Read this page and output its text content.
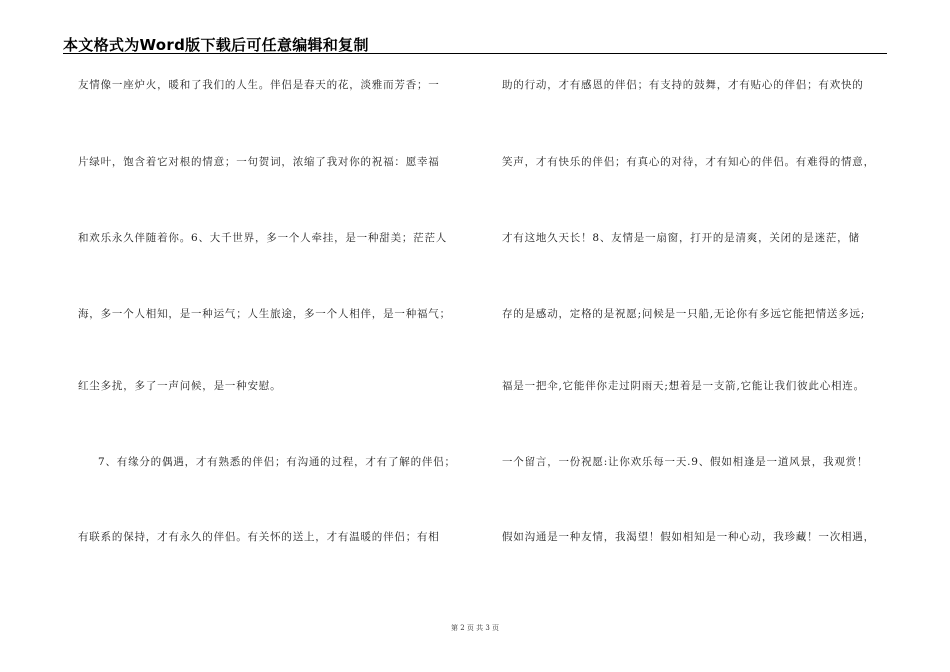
本文格式为Word版下载后可任意编辑和复制
友情像一座炉火，暖和了我们的人生。伴侣是春天的花，淡雅而芳香；一
片绿叶，饱含着它对根的情意；一句贺词，浓缩了我对你的祝福：愿幸福
和欢乐永久伴随着你。6、大千世界，多一个人牵挂，是一种甜美；茫茫人
海，多一个人相知，是一种运气；人生旅途，多一个人相伴，是一种福气；
红尘多扰，多了一声问候，是一种安慰。
7、有缘分的偶遇，才有熟悉的伴侣；有沟通的过程，才有了解的伴侣；
有联系的保持，才有永久的伴侣。有关怀的送上，才有温暖的伴侣；有相
助的行动，才有感恩的伴侣；有支持的鼓舞，才有贴心的伴侣；有欢快的
笑声，才有快乐的伴侣；有真心的对待，才有知心的伴侣。有难得的情意，
才有这地久天长！8、友情是一扇窗，打开的是清爽，关闭的是迷茫，储
存的是感动，定格的是祝愿;问候是一只船,无论你有多远它能把情送多远;
福是一把伞,它能伴你走过阴雨天;想着是一支箭,它能让我们彼此心相连。
一个留言，一份祝愿:让你欢乐每一天.9、假如相逢是一道风景，我观赏！
假如沟通是一种友情，我渴望！假如相知是一种心动，我珍藏！一次相遇，
第 2 页 共 3 页
